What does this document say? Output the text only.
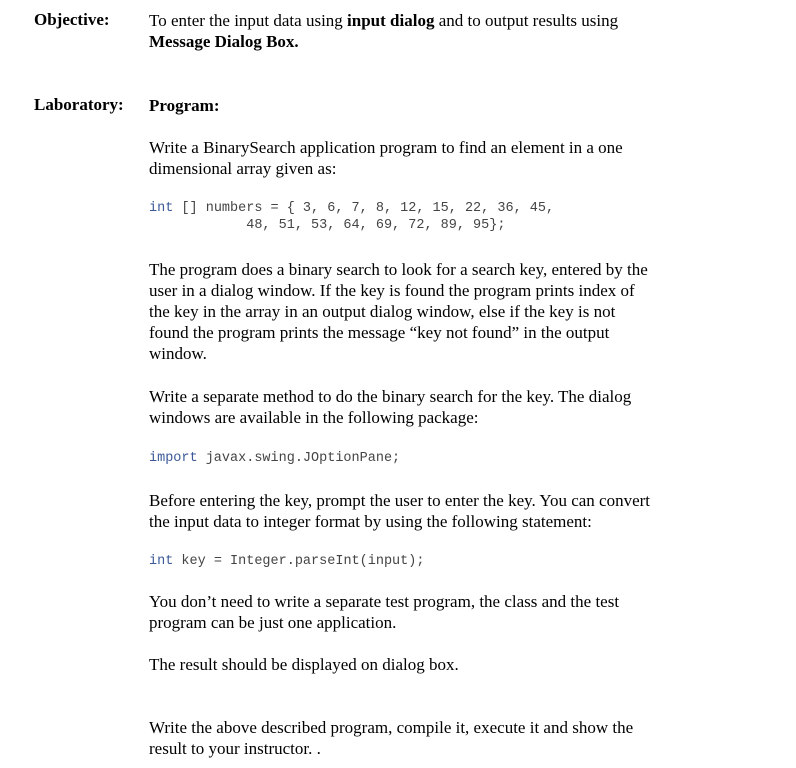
Objective: To enter the input data using input dialog and to output results using
Message Dialog Box.
Laboratory: Program:
Write a BinarySearch application program to find an element in a one
dimensional array given as:
int [] numbers = { 3, 6, 7, 8, 12, 15, 22, 36, 45,
48, 51, 53, 64, 69, 72, 89, 95};
The program does a binary search to look for a search key, entered by the
user in a dialog window. If the key is found the program prints index of
the key in the array in an output dialog window, else if the key is not
found the program prints the message “key not found” in the output
window.
Write a separate method to do the binary search for the key. The dialog
windows are available in the following package:
import javax.swing.JOptionPane;
Before entering the key, prompt the user to enter the key. You can convert
the input data to integer format by using the following statement:
int key = Integer.parseInt(input);
You don’t need to write a separate test program, the class and the test
program can be just one application.
The result should be displayed on dialog box.
Write the above described program, compile it, execute it and show the
result to your instructor. .
